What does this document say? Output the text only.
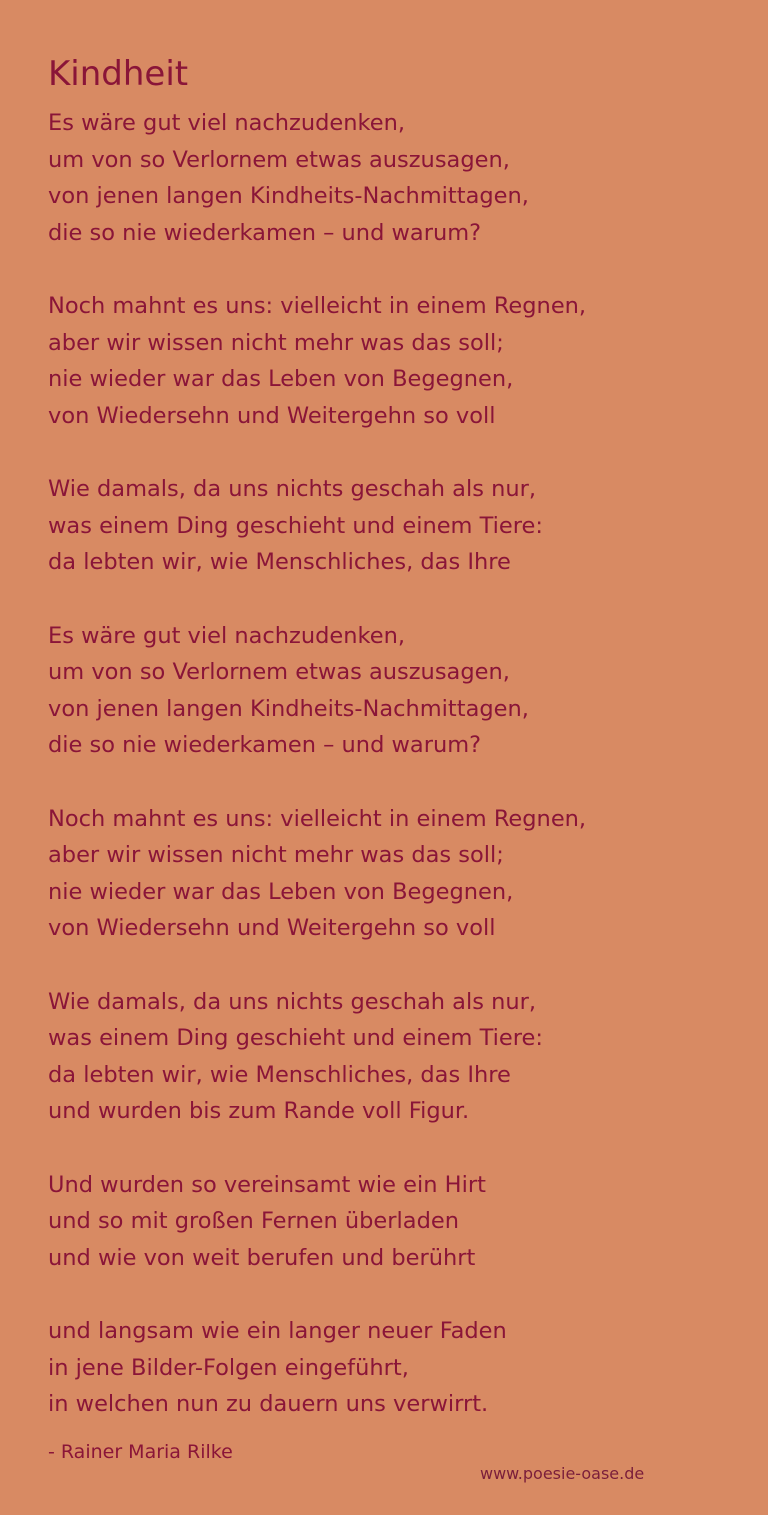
Kindheit
Es wäre gut viel nachzudenken,
um von so Verlornem etwas auszusagen,
von jenen langen Kindheits-Nachmittagen,
die so nie wiederkamen – und warum?
Noch mahnt es uns: vielleicht in einem Regnen,
aber wir wissen nicht mehr was das soll;
nie wieder war das Leben von Begegnen,
von Wiedersehn und Weitergehn so voll
Wie damals, da uns nichts geschah als nur,
was einem Ding geschieht und einem Tiere:
da lebten wir, wie Menschliches, das Ihre
Es wäre gut viel nachzudenken,
um von so Verlornem etwas auszusagen,
von jenen langen Kindheits-Nachmittagen,
die so nie wiederkamen – und warum?
Noch mahnt es uns: vielleicht in einem Regnen,
aber wir wissen nicht mehr was das soll;
nie wieder war das Leben von Begegnen,
von Wiedersehn und Weitergehn so voll
Wie damals, da uns nichts geschah als nur,
was einem Ding geschieht und einem Tiere:
da lebten wir, wie Menschliches, das Ihre
und wurden bis zum Rande voll Figur.
Und wurden so vereinsamt wie ein Hirt
und so mit großen Fernen überladen
und wie von weit berufen und berührt
und langsam wie ein langer neuer Faden
in jene Bilder-Folgen eingeführt,
in welchen nun zu dauern uns verwirrt.
- Rainer Maria Rilke
www.poesie-oase.de
